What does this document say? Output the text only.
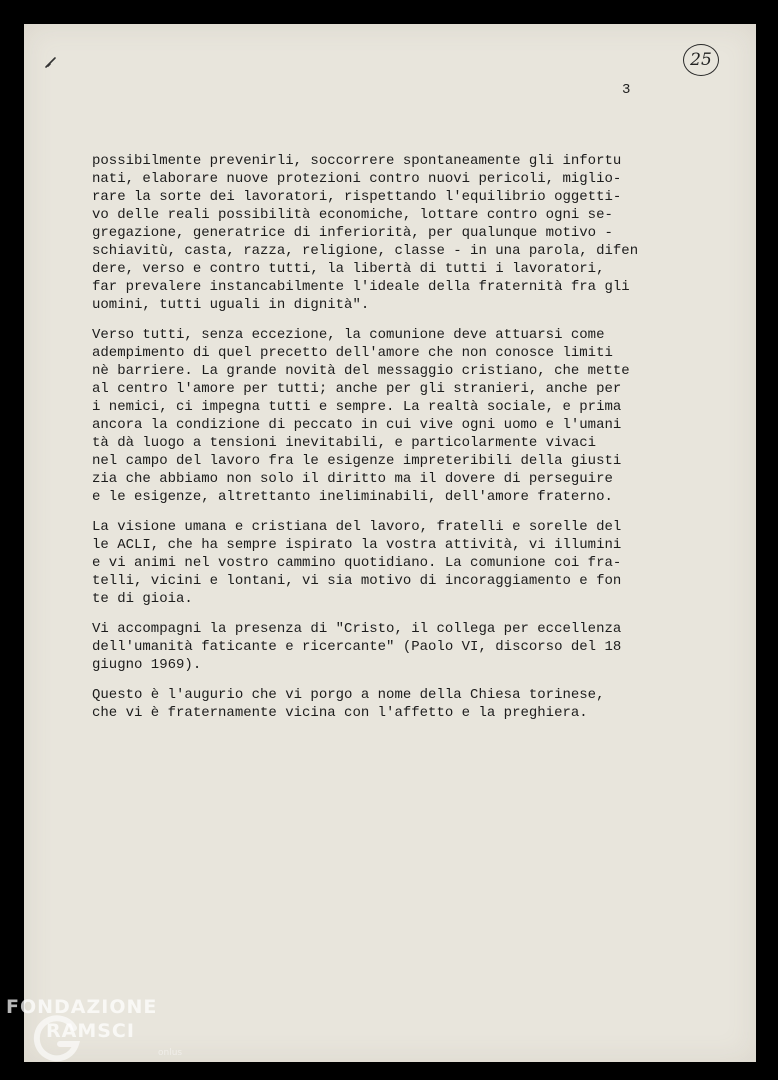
25
3
possibilmente prevenirli, soccorrere spontaneamente gli infortu
nati, elaborare nuove protezioni contro nuovi pericoli, miglio-
rare la sorte dei lavoratori, rispettando l'equilibrio oggetti-
vo delle reali possibilità economiche, lottare contro ogni se-
gregazione, generatrice di inferiorità, per qualunque motivo -
schiavitù, casta, razza, religione, classe - in una parola, difen
dere, verso e contro tutti, la libertà di tutti i lavoratori,
far prevalere instancabilmente l'ideale della fraternità fra gli
uomini, tutti uguali in dignità".
Verso tutti, senza eccezione, la comunione deve attuarsi come
adempimento di quel precetto dell'amore che non conosce limiti
nè barriere. La grande novità del messaggio cristiano, che mette
al centro l'amore per tutti; anche per gli stranieri, anche per
i nemici, ci impegna tutti e sempre. La realtà sociale, e prima
ancora la condizione di peccato in cui vive ogni uomo e l'umani
tà dà luogo a tensioni inevitabili, e particolarmente vivaci
nel campo del lavoro fra le esigenze impreteribili della giusti
zia che abbiamo non solo il diritto ma il dovere di perseguire
e le esigenze, altrettanto ineliminabili, dell'amore fraterno.
La visione umana e cristiana del lavoro, fratelli e sorelle del
le ACLI, che ha sempre ispirato la vostra attività, vi illumini
e vi animi nel vostro cammino quotidiano. La comunione coi fra-
telli, vicini e lontani, vi sia motivo di incoraggiamento e fon
te di gioia.
Vi accompagni la presenza di "Cristo, il collega per eccellenza
dell'umanità faticante e ricercante" (Paolo VI, discorso del 18
giugno 1969).
Questo è l'augurio che vi porgo a nome della Chiesa torinese,
che vi è fraternamente vicina con l'affetto e la preghiera.
FONDAZIONE
RAMSCI
onlus
